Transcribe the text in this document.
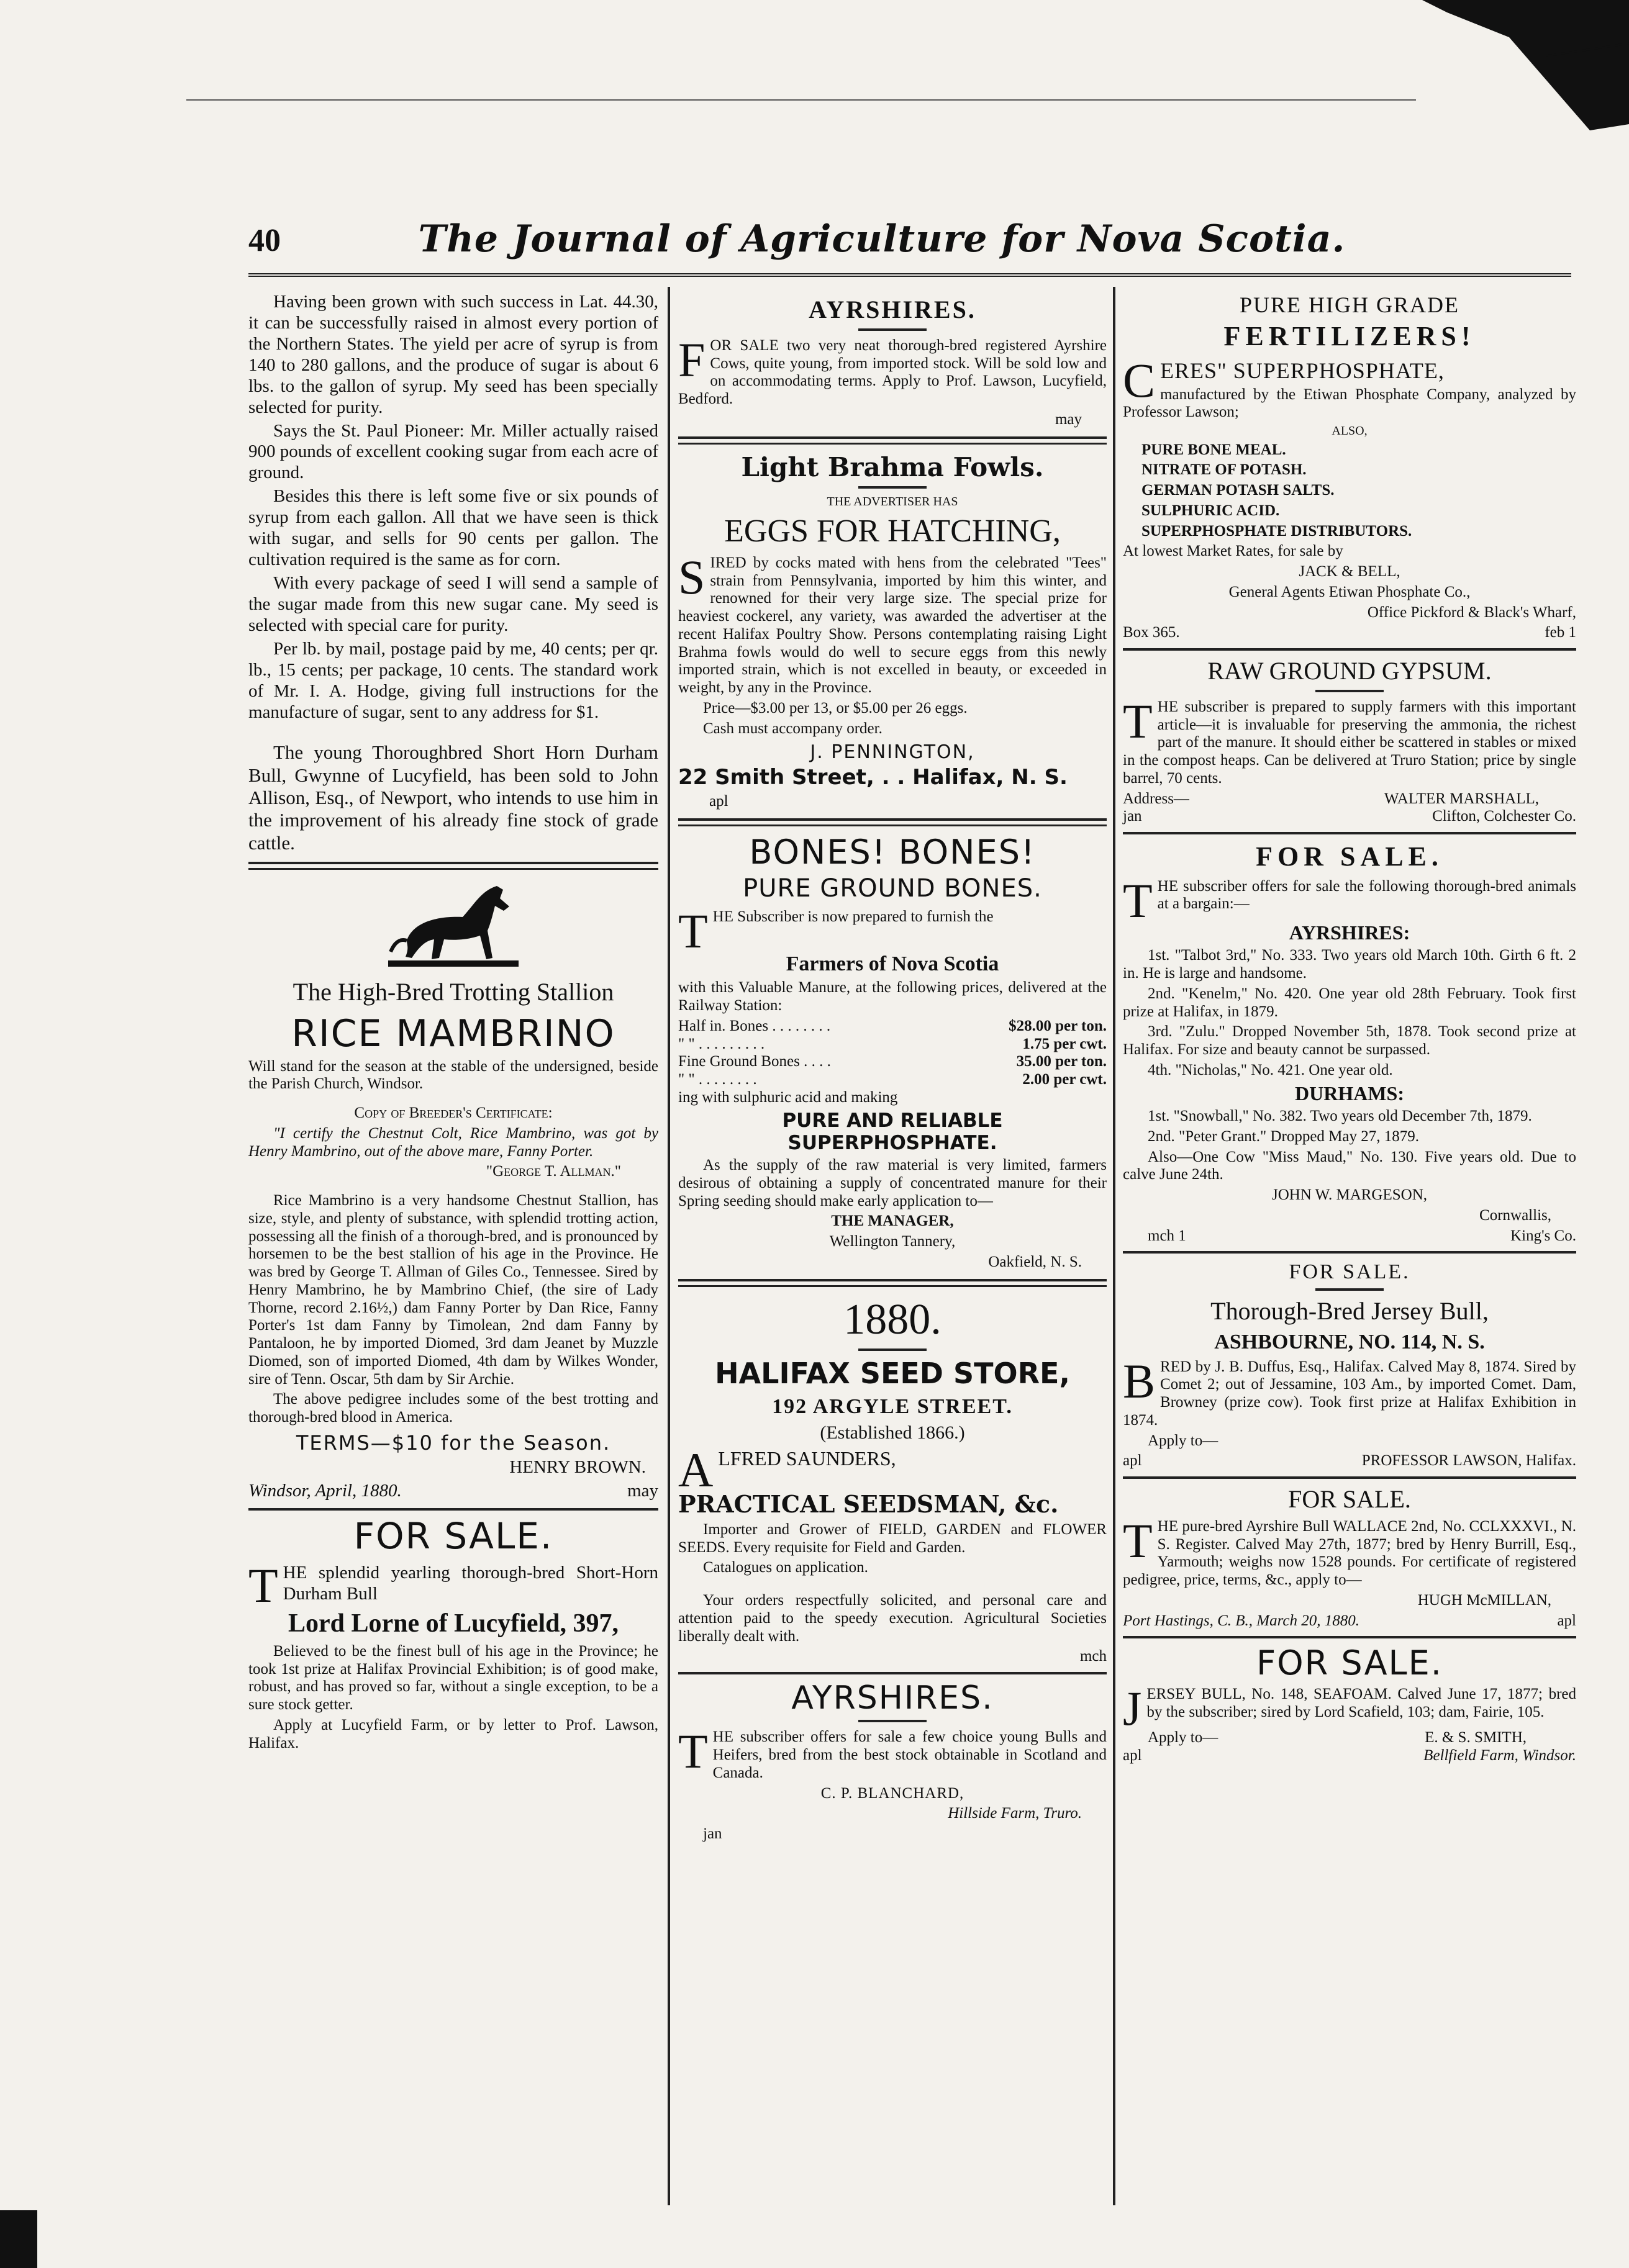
40	The Journal of Agriculture for Nova Scotia.

Having been grown with such success in Lat. 44.30, it can be successfully raised in almost every portion of the Northern States. The yield per acre of syrup is from 140 to 280 gallons, and the produce of sugar is about 6 lbs. to the gallon of syrup. My seed has been specially selected for purity.

Says the St. Paul Pioneer: Mr. Miller actually raised 900 pounds of excellent cooking sugar from each acre of ground.

Besides this there is left some five or six pounds of syrup from each gallon. All that we have seen is thick with sugar, and sells for 90 cents per gallon. The cultivation required is the same as for corn.

With every package of seed I will send a sample of the sugar made from this new sugar cane. My seed is selected with special care for purity.

Per lb. by mail, postage paid by me, 40 cents; per qr. lb., 15 cents; per package, 10 cents. The standard work of Mr. I. A. Hodge, giving full instructions for the manufacture of sugar, sent to any address for $1.

The young Thoroughbred Short Horn Durham Bull, Gwynne of Lucyfield, has been sold to John Allison, Esq., of Newport, who intends to use him in the improvement of his already fine stock of grade cattle.

The High-Bred Trotting Stallion
RICE MAMBRINO

Will stand for the season at the stable of the undersigned, beside the Parish Church, Windsor.

Copy of Breeder's Certificate:

"I certify the Chestnut Colt, Rice Mambrino, was got by Henry Mambrino, out of the above mare, Fanny Porter.

"George T. Allman."

Rice Mambrino is a very handsome Chestnut Stallion, has size, style, and plenty of substance, with splendid trotting action, possessing all the finish of a thorough-bred, and is pronounced by horsemen to be the best stallion of his age in the Province. He was bred by George T. Allman of Giles Co., Tennessee. Sired by Henry Mambrino, he by Mambrino Chief, (the sire of Lady Thorne, record 2.16½,) dam Fanny Porter by Dan Rice, Fanny Porter's 1st dam Fanny by Timolean, 2nd dam Fanny by Pantaloon, he by imported Diomed, 3rd dam Jeanet by Muzzle Diomed, son of imported Diomed, 4th dam by Wilkes Wonder, sire of Tenn. Oscar, 5th dam by Sir Archie.

The above pedigree includes some of the best trotting and thorough-bred blood in America.

TERMS—$10 for the Season.

HENRY BROWN.

Windsor, April, 1880.	may
FOR SALE.

THE splendid yearling thorough-bred Short-Horn Durham Bull

Lord Lorne of Lucyfield, 397,

Believed to be the finest bull of his age in the Province; he took 1st prize at Halifax Provincial Exhibition; is of good make, robust, and has proved so far, without a single exception, to be a sure stock getter.

Apply at Lucyfield Farm, or by letter to Prof. Lawson, Halifax.

AYRSHIRES.

FOR SALE two very neat thorough-bred registered Ayrshire Cows, quite young, from imported stock. Will be sold low and on accommodating terms. Apply to Prof. Lawson, Lucyfield, Bedford.

may

Light Brahma Fowls.

THE ADVERTISER HAS

EGGS FOR HATCHING,

SIRED by cocks mated with hens from the celebrated "Tees" strain from Pennsylvania, imported by him this winter, and renowned for their very large size. The special prize for heaviest cockerel, any variety, was awarded the advertiser at the recent Halifax Poultry Show. Persons contemplating raising Light Brahma fowls would do well to secure eggs from this newly imported strain, which is not excelled in beauty, or exceeded in weight, by any in the Province.

Price—$3.00 per 13, or $5.00 per 26 eggs.

Cash must accompany order.

J. PENNINGTON,

22 Smith Street, . . Halifax, N. S.

apl

BONES! BONES!
PURE GROUND BONES.

THE Subscriber is now prepared to furnish the

Farmers of Nova Scotia

with this Valuable Manure, at the following prices, delivered at the Railway Station:

Half in. Bones . . . . . . . .	$28.00 per ton.
" " . . . . . . . . .	1.75 per cwt.
Fine Ground Bones . . . .	35.00 per ton.
" " . . . . . . . .	2.00 per cwt.

ing with sulphuric acid and making

PURE AND RELIABLE SUPERPHOSPHATE.

As the supply of the raw material is very limited, farmers desirous of obtaining a supply of concentrated manure for their Spring seeding should make early application to—

THE MANAGER,

Wellington Tannery,

Oakfield, N. S.

1880.
HALIFAX SEED STORE,

192 ARGYLE STREET.

(Established 1866.)

ALFRED SAUNDERS,

PRACTICAL SEEDSMAN, &c.

Importer and Grower of FIELD, GARDEN and FLOWER SEEDS. Every requisite for Field and Garden.

Catalogues on application.

Your orders respectfully solicited, and personal care and attention paid to the speedy execution. Agricultural Societies liberally dealt with.

mch

AYRSHIRES.

THE subscriber offers for sale a few choice young Bulls and Heifers, bred from the best stock obtainable in Scotland and Canada.

C. P. BLANCHARD,

Hillside Farm, Truro.

jan

PURE HIGH GRADE
FERTILIZERS!

CERES" SUPERPHOSPHATE,

manufactured by the Etiwan Phosphate Company, analyzed by Professor Lawson;

ALSO,

PURE BONE MEAL.

NITRATE OF POTASH.

GERMAN POTASH SALTS.

SULPHURIC ACID.

SUPERPHOSPHATE DISTRIBUTORS.

At lowest Market Rates, for sale by

JACK & BELL,

General Agents Etiwan Phosphate Co.,

Office Pickford & Black's Wharf,

Box 365.	feb 1
RAW GROUND GYPSUM.

THE subscriber is prepared to supply farmers with this important article—it is invaluable for preserving the ammonia, the richest part of the manure. It should either be scattered in stables or mixed in the compost heaps. Can be delivered at Truro Station; price by single barrel, 70 cents.

Address—	WALTER MARSHALL,
jan	Clifton, Colchester Co.
FOR SALE.

THE subscriber offers for sale the following thorough-bred animals at a bargain:—

AYRSHIRES:

1st. "Talbot 3rd," No. 333. Two years old March 10th. Girth 6 ft. 2 in. He is large and handsome.

2nd. "Kenelm," No. 420. One year old 28th February. Took first prize at Halifax, in 1879.

3rd. "Zulu." Dropped November 5th, 1878. Took second prize at Halifax. For size and beauty cannot be surpassed.

4th. "Nicholas," No. 421. One year old.

DURHAMS:

1st. "Snowball," No. 382. Two years old December 7th, 1879.

2nd. "Peter Grant." Dropped May 27, 1879.

Also—One Cow "Miss Maud," No. 130. Five years old. Due to calve June 24th.

JOHN W. MARGESON,

Cornwallis,

mch 1	King's Co.
FOR SALE.
Thorough-Bred Jersey Bull,
ASHBOURNE, NO. 114, N. S.

BRED by J. B. Duffus, Esq., Halifax. Calved May 8, 1874. Sired by Comet 2; out of Jessamine, 103 Am., by imported Comet. Dam, Browney (prize cow). Took first prize at Halifax Exhibition in 1874.

Apply to—

apl	PROFESSOR LAWSON, Halifax.
FOR SALE.

THE pure-bred Ayrshire Bull WALLACE 2nd, No. CCLXXXVI., N. S. Register. Calved May 27th, 1877; bred by Henry Burrill, Esq., Yarmouth; weighs now 1528 pounds. For certificate of registered pedigree, price, terms, &c., apply to—

HUGH McMILLAN,

Port Hastings, C. B., March 20, 1880.	apl
FOR SALE.

JERSEY BULL, No. 148, SEAFOAM. Calved June 17, 1877; bred by the subscriber; sired by Lord Scafield, 103; dam, Fairie, 105.

Apply to—	E. & S. SMITH,
apl	Bellfield Farm, Windsor.
